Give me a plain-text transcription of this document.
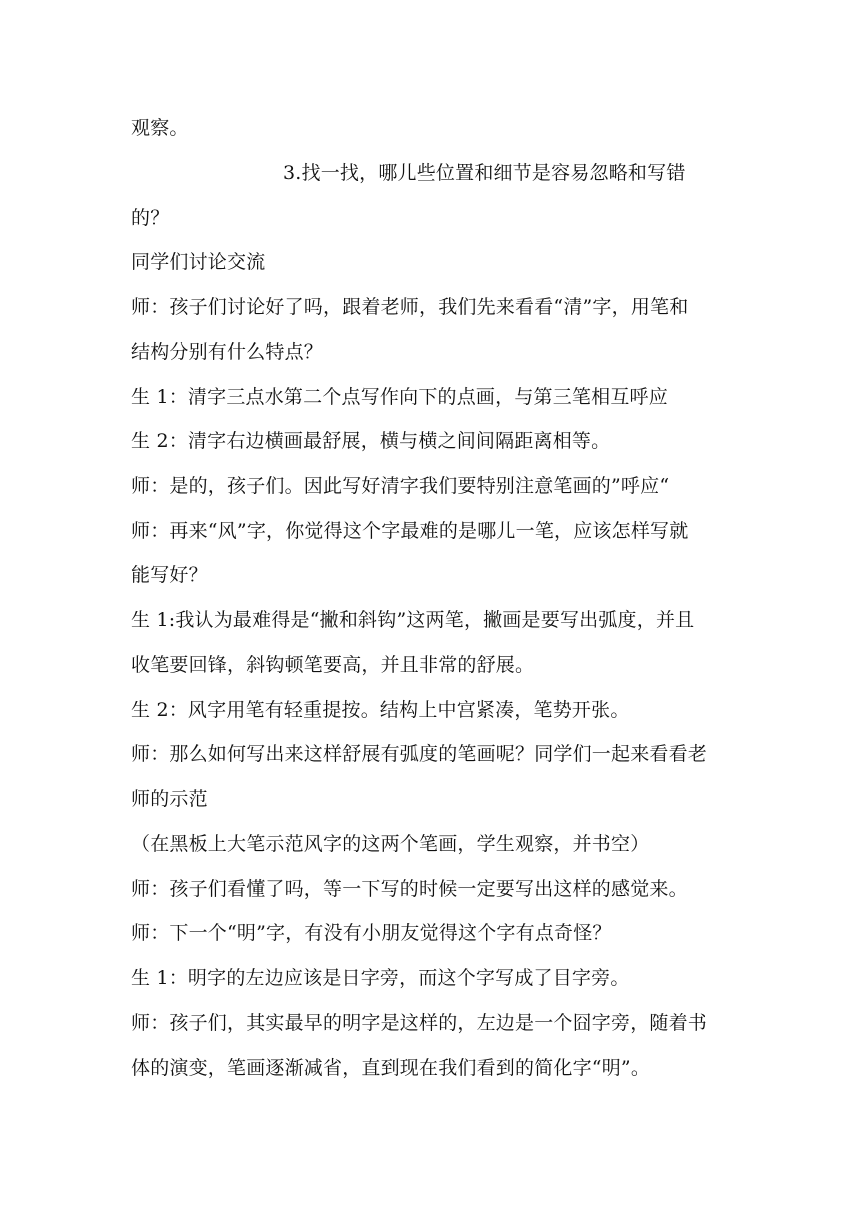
观察。
3.找一找，哪儿些位置和细节是容易忽略和写错
的？
同学们讨论交流
师：孩子们讨论好了吗，跟着老师，我们先来看看“清”字，用笔和
结构分别有什么特点？
生 1：清字三点水第二个点写作向下的点画，与第三笔相互呼应
生 2：清字右边横画最舒展，横与横之间间隔距离相等。
师：是的，孩子们。因此写好清字我们要特别注意笔画的”呼应“
师：再来“风”字，你觉得这个字最难的是哪儿一笔，应该怎样写就
能写好？
生 1:我认为最难得是“撇和斜钩”这两笔，撇画是要写出弧度，并且
收笔要回锋，斜钩顿笔要高，并且非常的舒展。
生 2：风字用笔有轻重提按。结构上中宫紧凑，笔势开张。
师：那么如何写出来这样舒展有弧度的笔画呢？同学们一起来看看老
师的示范
（在黑板上大笔示范风字的这两个笔画，学生观察，并书空）
师：孩子们看懂了吗，等一下写的时候一定要写出这样的感觉来。
师：下一个“明”字，有没有小朋友觉得这个字有点奇怪？
生 1：明字的左边应该是日字旁，而这个字写成了目字旁。
师：孩子们，其实最早的明字是这样的，左边是一个囧字旁，随着书
体的演变，笔画逐渐减省，直到现在我们看到的简化字“明”。
